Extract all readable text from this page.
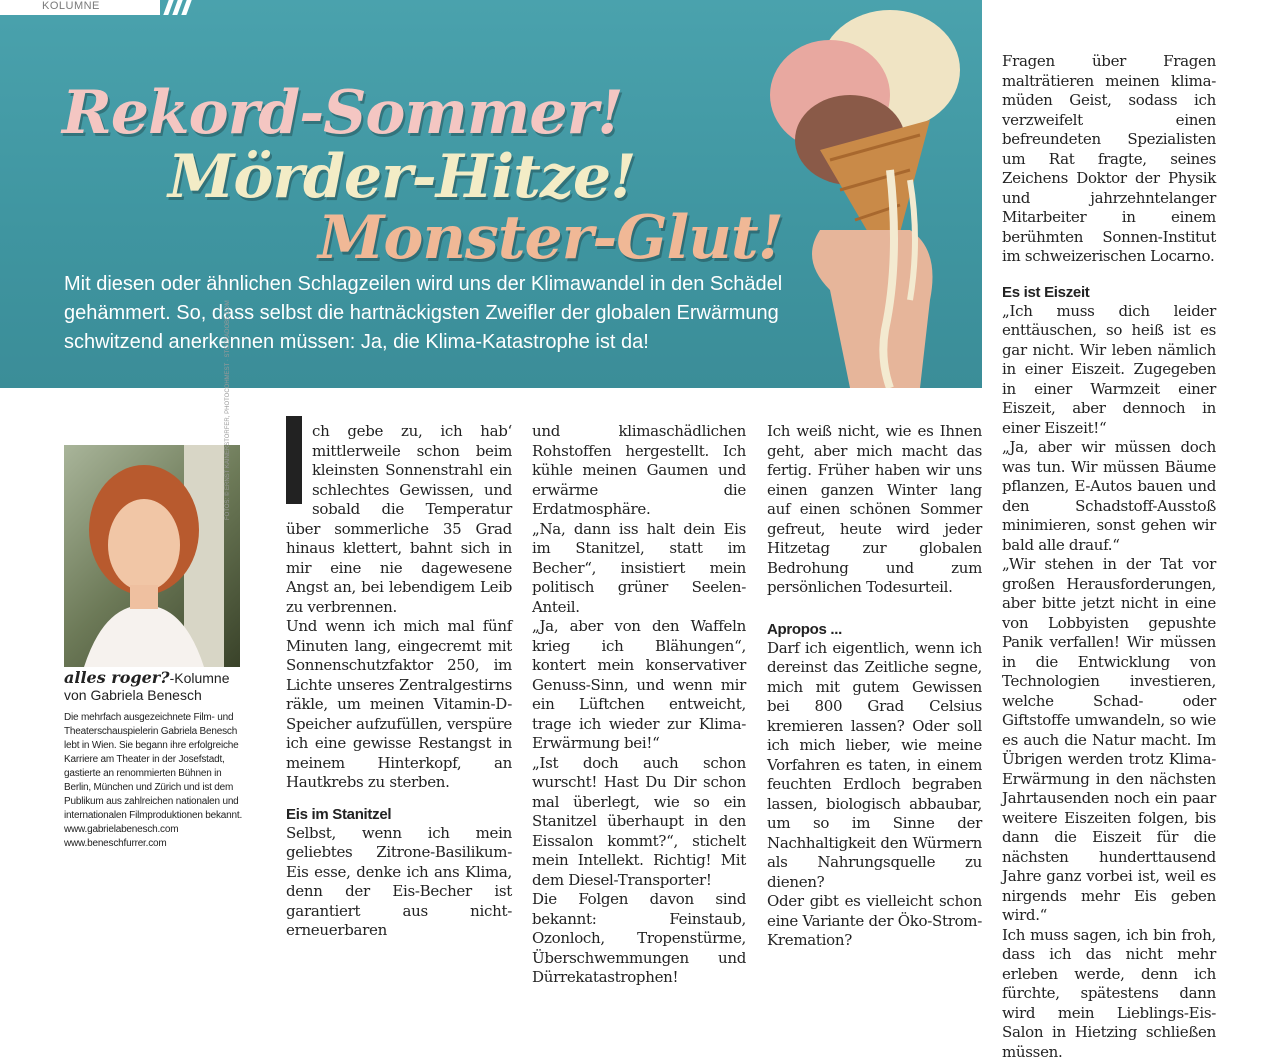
KOLUMNE
Rekord-Sommer!
Mörder-Hitze!
Monster-Glut!
Mit diesen oder ähnlichen Schlagzeilen wird uns der Klimawandel in den Schädel gehämmert. So, dass selbst die hartnäckigsten Zweifler der globalen Erwärmung schwitzend anerkennen müssen: Ja, die Klima-Katastrophe ist da!
FOTOS: © ERNST KAINERSTORFER, PHOTOCOHMEST · STOCKADOBE.COM
alles roger?-Kolumne
von Gabriela Benesch
Die mehrfach ausgezeichnete Film- und Theaterschauspielerin Gabriela Benesch lebt in Wien. Sie begann ihre erfolgreiche Karriere am Theater in der Josefstadt, gastierte an renommierten Bühnen in Berlin, München und Zürich und ist dem Publikum aus zahlreichen nationalen und internationalen Filmproduktionen bekannt.
www.gabrielabenesch.com
www.beneschfurrer.com

ch gebe zu, ich hab‘ mittlerweile schon beim kleinsten Sonnenstrahl ein schlechtes Gewissen, und sobald die Temperatur über sommerliche 35 Grad hinaus klettert, bahnt sich in mir eine nie dagewesene Angst an, bei lebendigem Leib zu verbrennen.

Und wenn ich mich mal fünf Minuten lang, eingecremt mit Sonnenschutzfaktor 250, im Lichte unseres Zentralgestirns räkle, um meinen Vitamin-D-Speicher aufzufüllen, verspüre ich eine gewisse Restangst in meinem Hinterkopf, an Hautkrebs zu sterben.

Eis im Stanitzel

Selbst, wenn ich mein geliebtes Zitrone-Basilikum-Eis esse, denke ich ans Klima, denn der Eis-Becher ist garantiert aus nicht-erneuerbaren

und klimaschädlichen Rohstoffen hergestellt. Ich kühle meinen Gaumen und erwärme die Erdatmosphäre.

„Na, dann iss halt dein Eis im Stanitzel, statt im Becher“, insistiert mein politisch grüner Seelen-Anteil.

„Ja, aber von den Waffeln krieg ich Blähungen“, kontert mein konservativer Genuss-Sinn, und wenn mir ein Lüftchen entweicht, trage ich wieder zur Klima-Erwärmung bei!“

„Ist doch auch schon wurscht! Hast Du Dir schon mal überlegt, wie so ein Stanitzel überhaupt in den Eissalon kommt?“, stichelt mein Intellekt. Richtig! Mit dem Diesel-Transporter!

Die Folgen davon sind bekannt: Feinstaub, Ozonloch, Tropenstürme, Überschwemmungen und Dürrekatastrophen!

Ich weiß nicht, wie es Ihnen geht, aber mich macht das fertig. Früher haben wir uns einen ganzen Winter lang auf einen schönen Sommer gefreut, heute wird jeder Hitzetag zur globalen Bedrohung und zum persönlichen Todesurteil.

Apropos ...

Darf ich eigentlich, wenn ich dereinst das Zeitliche segne, mich mit gutem Gewissen bei 800 Grad Celsius kremieren lassen? Oder soll ich mich lieber, wie meine Vorfahren es taten, in einem feuchten Erdloch begraben lassen, biologisch abbaubar, um so im Sinne der Nachhaltigkeit den Würmern als Nahrungsquelle zu dienen?

Oder gibt es vielleicht schon eine Variante der Öko-Strom-Kremation?

Fragen über Fragen malträtieren meinen klima-müden Geist, sodass ich verzweifelt einen befreundeten Spezialisten um Rat fragte, seines Zeichens Doktor der Physik und jahrzehntelanger Mitarbeiter in einem berühmten Sonnen-Institut im schweizerischen Locarno.

Es ist Eiszeit

„Ich muss dich leider enttäuschen, so heiß ist es gar nicht. Wir leben nämlich in einer Eiszeit. Zugegeben in einer Warmzeit einer Eiszeit, aber dennoch in einer Eiszeit!“

„Ja, aber wir müssen doch was tun. Wir müssen Bäume pflanzen, E-Autos bauen und den Schadstoff-Ausstoß minimieren, sonst gehen wir bald alle drauf.“

„Wir stehen in der Tat vor großen Herausforderungen, aber bitte jetzt nicht in eine von Lobbyisten gepushte Panik verfallen! Wir müssen in die Entwicklung von Technologien investieren, welche Schad- oder Giftstoffe umwandeln, so wie es auch die Natur macht. Im Übrigen werden trotz Klima-Erwärmung in den nächsten Jahrtausenden noch ein paar weitere Eiszeiten folgen, bis dann die Eiszeit für die nächsten hunderttausend Jahre ganz vorbei ist, weil es nirgends mehr Eis geben wird.“

Ich muss sagen, ich bin froh, dass ich das nicht mehr erleben werde, denn ich fürchte, spätestens dann wird mein Lieblings-Eis-Salon in Hietzing schließen müssen.
